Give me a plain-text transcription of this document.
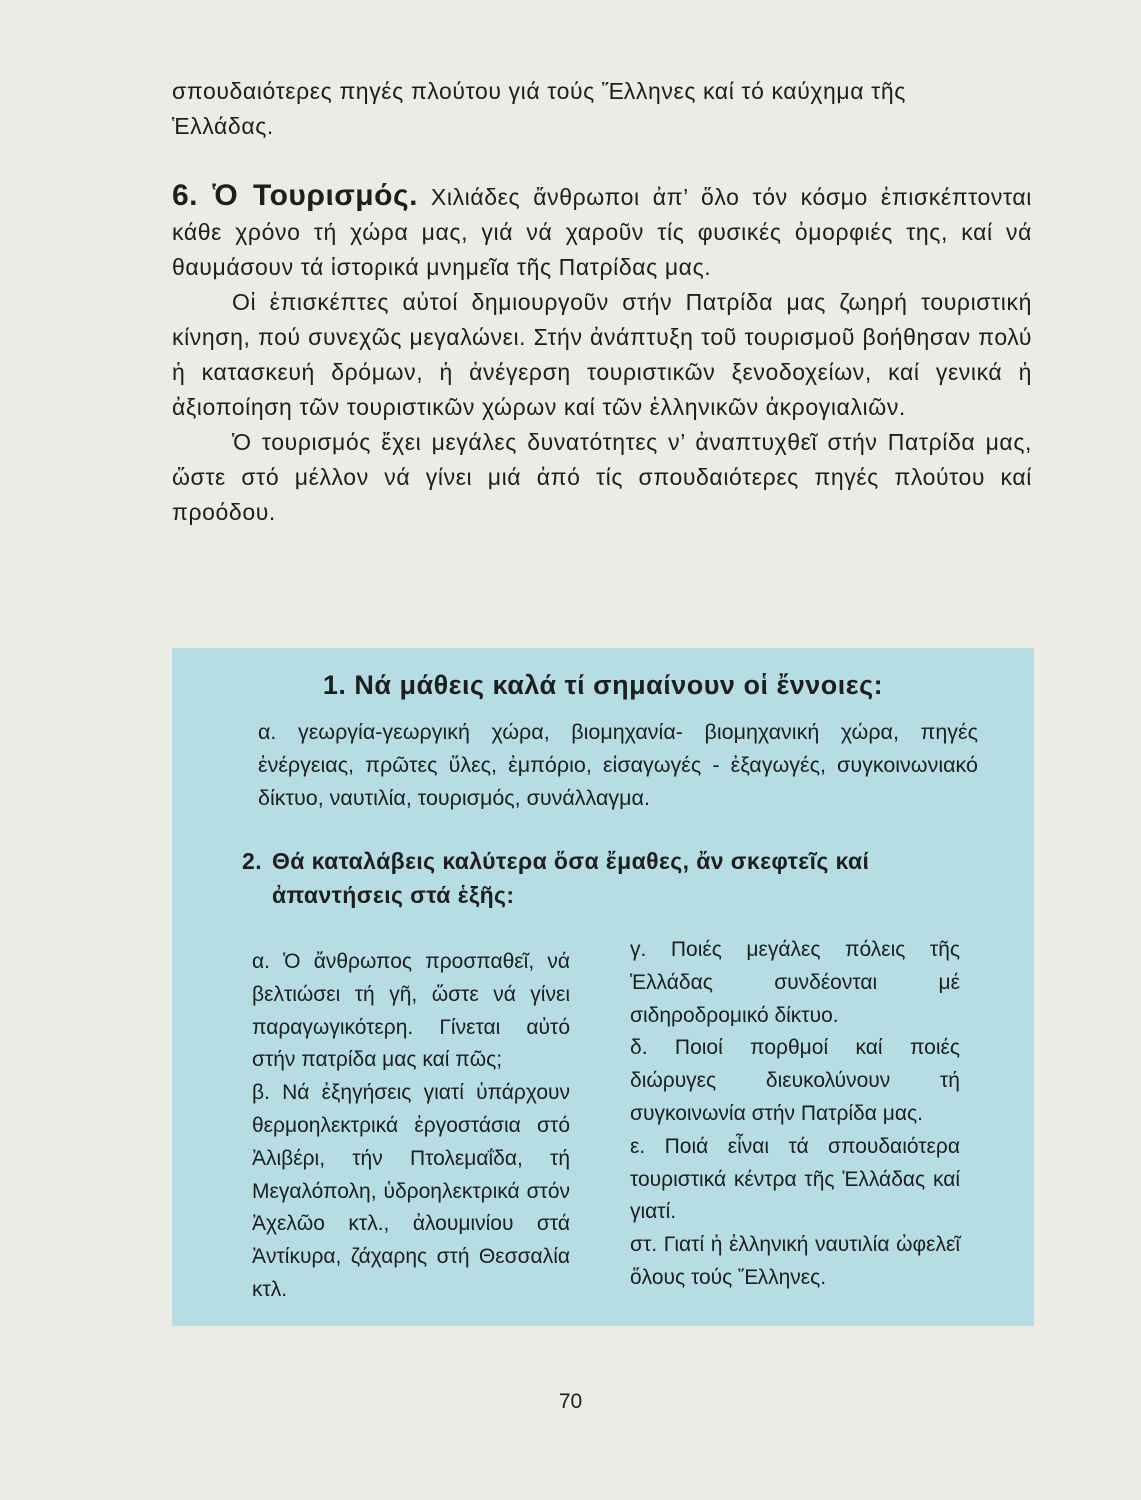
σπουδαιότερες πηγές πλούτου γιά τούς Ἕλληνες καί τό καύχημα τῆς
Ἑλλάδας.

6. Ὁ Τουρισμός. Χιλιάδες ἄνθρωποι ἀπ’ ὅλο τόν κόσμο ἐπισκέπτονται κάθε χρόνο τή χώρα μας, γιά νά χαροῦν τίς φυσικές ὀμορφιές της, καί νά θαυμάσουν τά ἱστορικά μνημεῖα τῆς Πατρίδας μας.

Οἱ ἐπισκέπτες αὐτοί δημιουργοῦν στήν Πατρίδα μας ζωηρή τουριστική κίνηση, πού συνεχῶς μεγαλώνει. Στήν ἀνάπτυξη τοῦ τουρισμοῦ βοήθησαν πολύ ἡ κατασκευή δρόμων, ἡ ἀνέγερση τουριστικῶν ξενοδοχείων, καί γενικά ἡ ἀξιοποίηση τῶν τουριστικῶν χώρων καί τῶν ἑλληνικῶν ἀκρογιαλιῶν.

Ὁ τουρισμός ἔχει μεγάλες δυνατότητες ν’ ἀναπτυχθεῖ στήν Πατρίδα μας, ὥστε στό μέλλον νά γίνει μιά ἀπό τίς σπουδαιότερες πηγές πλούτου καί προόδου.

1. Νά μάθεις καλά τί σημαίνουν οἱ ἔννοιες:
α. γεωργία-γεωργική χώρα, βιομηχανία- βιομηχανική χώρα, πηγές ἐνέργειας, πρῶτες ὕλες, ἐμπόριο, εἰσαγωγές - ἐξαγωγές, συγκοινωνιακό δίκτυο, ναυτιλία, τουρισμός, συνάλλαγμα.
2. Θά καταλάβεις καλύτερα ὅσα ἔμαθες, ἄν σκεφτεῖς καί
ἀπαντήσεις στά ἑξῆς:

α. Ὁ ἄνθρωπος προσπαθεῖ, νά βελτιώσει τή γῆ, ὥστε νά γίνει παραγωγικότερη. Γίνεται αὐτό στήν πατρίδα μας καί πῶς;

β. Νά ἐξηγήσεις γιατί ὑπάρχουν θερμοηλεκτρικά ἐργοστάσια στό Ἀλιβέρι, τήν Πτολεμαΐδα, τή Μεγαλόπολη, ὑδροηλεκτρικά στόν Ἀχελῶο κτλ., ἀλουμινίου στά Ἀντίκυρα, ζάχαρης στή Θεσσαλία κτλ.

γ. Ποιές μεγάλες πόλεις τῆς Ἑλλάδας συνδέονται μέ σιδηροδρομικό δίκτυο.

δ. Ποιοί πορθμοί καί ποιές διώρυγες διευκολύνουν τή συγκοινωνία στήν Πατρίδα μας.

ε. Ποιά εἶναι τά σπουδαιότερα τουριστικά κέντρα τῆς Ἑλλάδας καί γιατί.

στ. Γιατί ἡ ἑλληνική ναυτιλία ὠφελεῖ ὅλους τούς Ἕλληνες.

70
